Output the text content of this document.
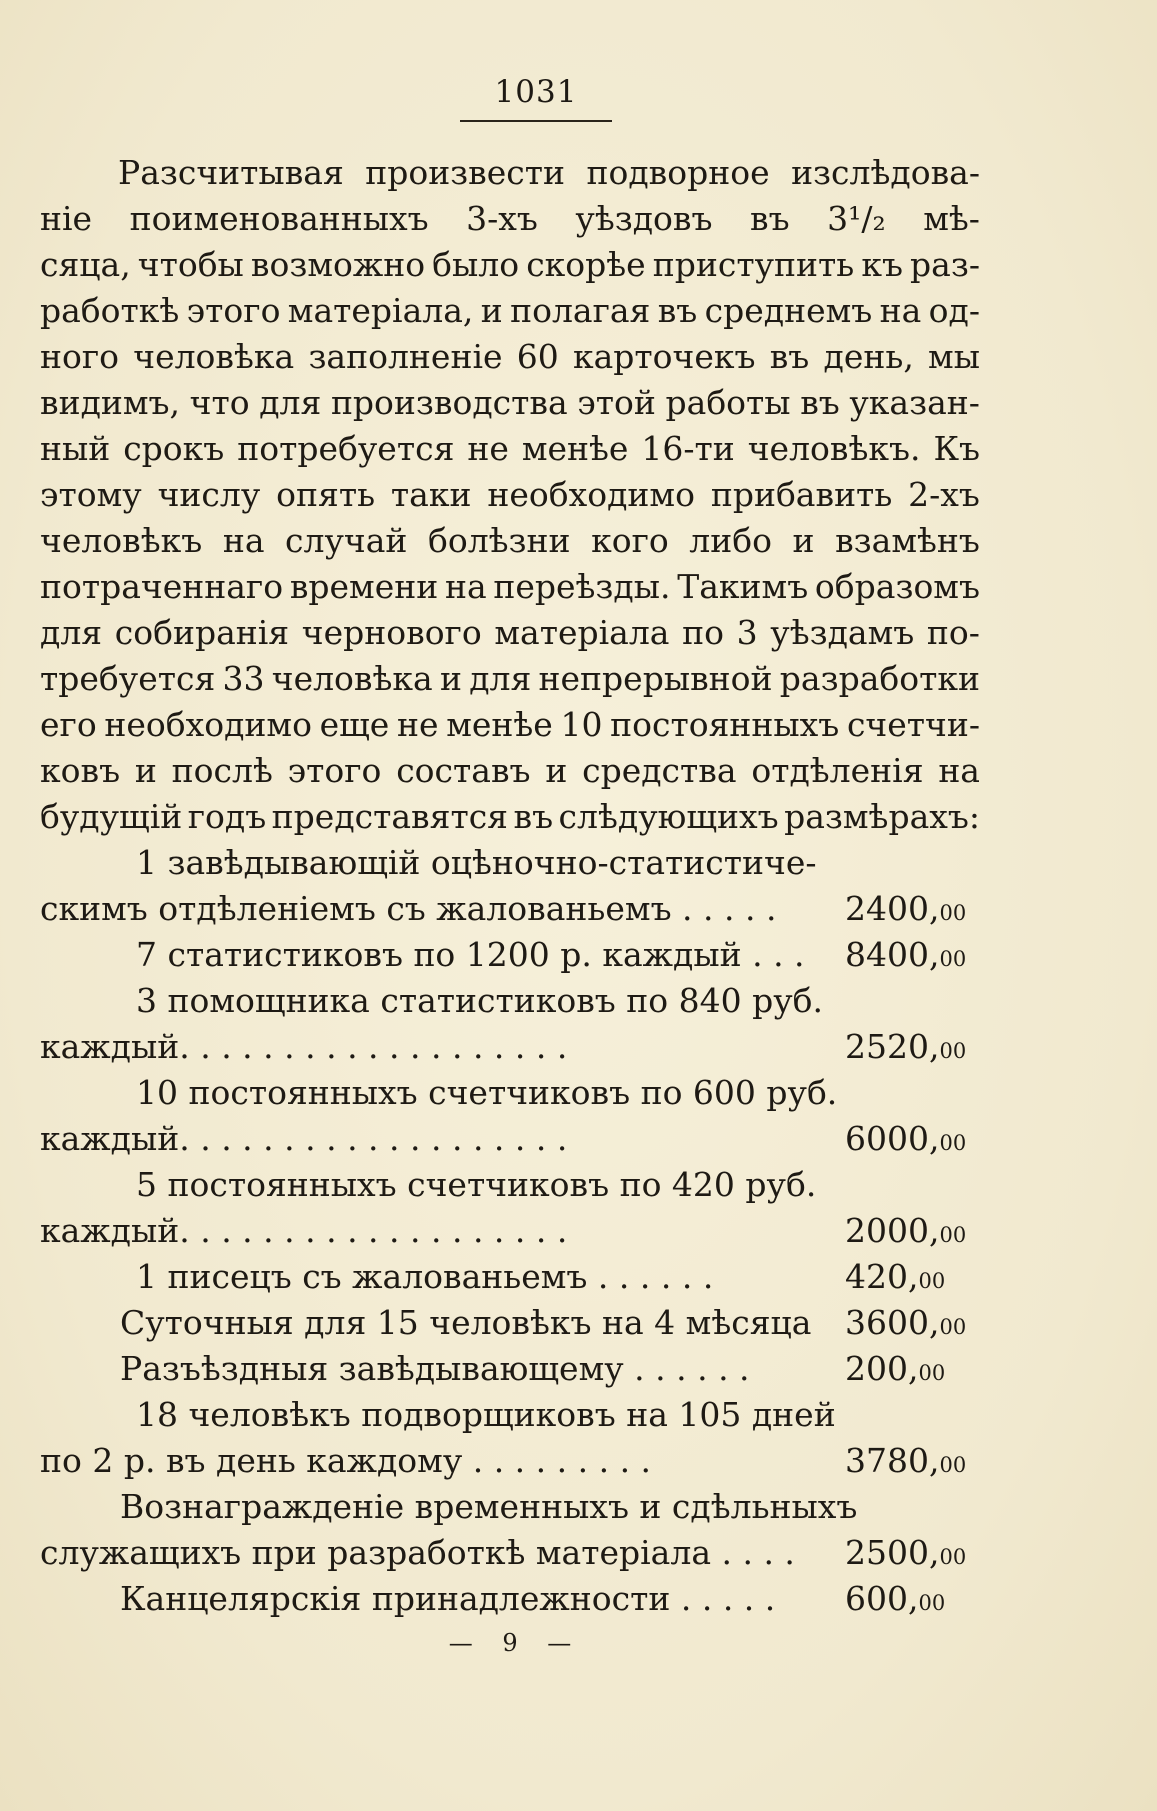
1031
Разсчитывая произвести подворное изслѣдова-
ніе поименованныхъ 3-хъ уѣздовъ въ 3¹/₂ мѣ-
сяца, чтобы возможно было скорѣе приступить къ раз-
работкѣ этого матеріала, и полагая въ среднемъ на од-
ного человѣка заполненіе 60 карточекъ въ день, мы
видимъ, что для производства этой работы въ указан-
ный срокъ потребуется не менѣе 16-ти человѣкъ. Къ
этому числу опять таки необходимо прибавить 2-хъ
человѣкъ на случай болѣзни кого либо и взамѣнъ
потраченнаго времени на переѣзды. Такимъ образомъ
для собиранія чернового матеріала по 3 уѣздамъ по-
требуется 33 человѣка и для непрерывной разработки
его необходимо еще не менѣе 10 постоянныхъ счетчи-
ковъ и послѣ этого составъ и средства отдѣленія на
будущій годъ представятся въ слѣдующихъ размѣрахъ:
1 завѣдывающій оцѣночно-статистиче-
скимъ отдѣленіемъ съ жалованьемъ . . . . . 2400,00
7 статистиковъ по 1200 р. каждый . . . 8400,00
3 помощника статистиковъ по 840 руб.
каждый. . . . . . . . . . . . . . . . . . .	2520,00
10 постоянныхъ счетчиковъ по 600 руб.
каждый. . . . . . . . . . . . . . . . . . .	6000,00
5 постоянныхъ счетчиковъ по 420 руб.
каждый. . . . . . . . . . . . . . . . . . .	2000,00
1 писецъ съ жалованьемъ . . . . . .	420,00
Суточныя для 15 человѣкъ на 4 мѣсяца 3600,00
Разъѣздныя завѣдывающему . . . . . .	200,00
18 человѣкъ подворщиковъ на 105 дней
по 2 р. въ день каждому . . . . . . . . .	3780,00
Вознагражденіе временныхъ и сдѣльныхъ
служащихъ при разработкѣ матеріала . . . . 2500,00
Канцелярскія принадлежности . . . . . 600,00
— 9 —
